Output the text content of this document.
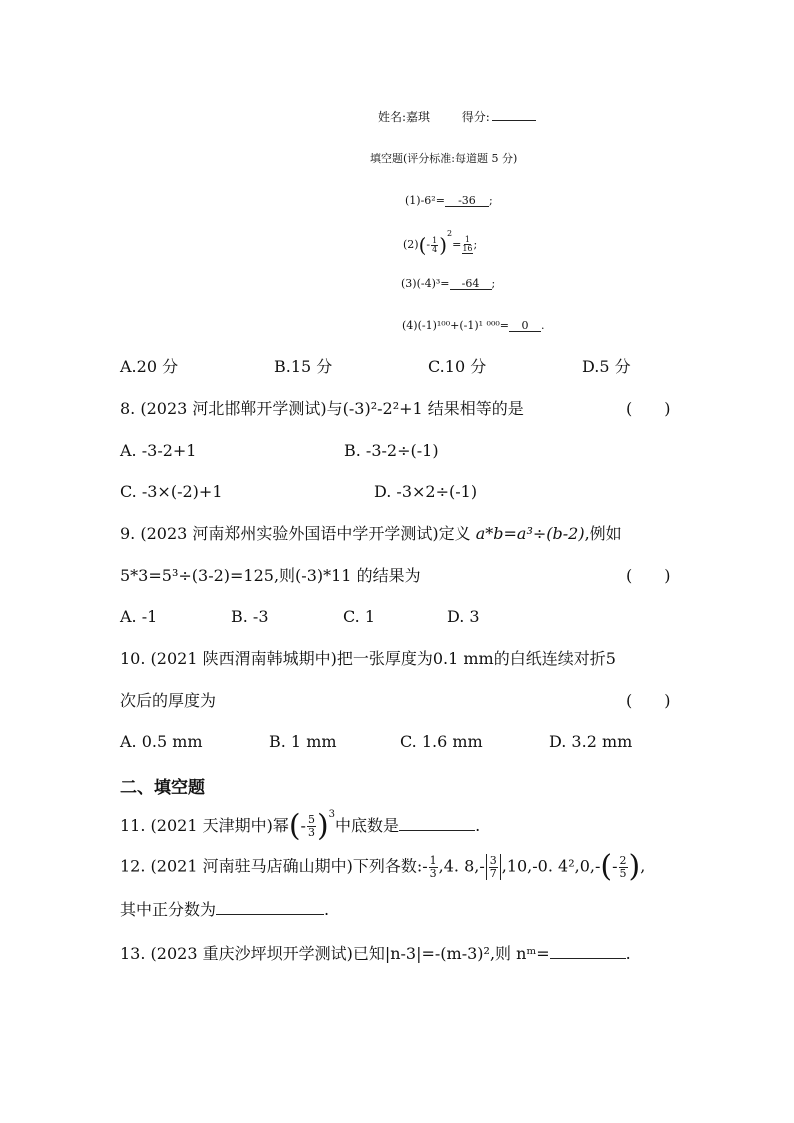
姓名:嘉琪	得分:
填空题(评分标准:每道题 5 分)
(1)-6²= -36 ;
$(2)(- \frac{1}{4} )^2= \frac{1}{16}$ ;
(3)(-4)³= -64 ;
(4)(-1)¹⁰⁰+(-1)¹ ⁰⁰⁰= 0 .
A.20 分	B.15 分	C.10 分	D.5 分
8. (2023 河北邯郸开学测试)与(-3)²-2²+1 结果相等的是	(　　)
A. -3-2+1	B. -3-2÷(-1)
C. -3×(-2)+1	D. -3×2÷(-1)
9. (2023 河南郑州实验外国语中学开学测试)定义 a*b=a³÷(b-2),例如
5*3=5³÷(3-2)=125,则(-3)*11 的结果为	(　　)
A. -1	B. -3	C. 1	D. 3
10. (2021 陕西渭南韩城期中)把一张厚度为0.1 mm的白纸连续对折5
次后的厚度为	(　　)
A. 0.5 mm	B. 1 mm	C. 1.6 mm	D. 3.2 mm
二、填空题
11. (2021 天津期中)幂(- $\frac{5}{3} )^3$中底数是	.
12. (2021 河南驻马店确山期中)下列各数:- $\frac{1}{3} ,4$. $8,- \frac{3}{7} ,10,-0$. $4^2,0,-(- \frac{2}{5}$ ),
其中正分数为	.
13. (2023 重庆沙坪坝开学测试)已知|n-3|=-(m-3)²,则 nᵐ=	.
